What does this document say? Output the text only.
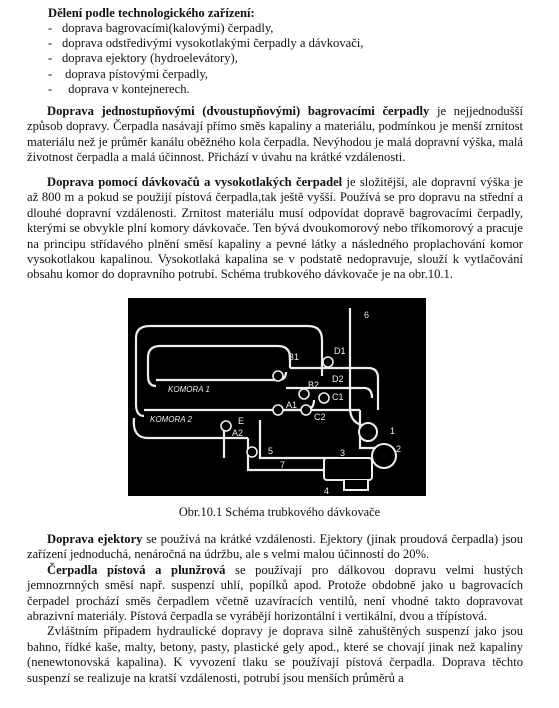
Dělení podle technologického zařízení:
- doprava bagrovacími(kalovými) čerpadly,
- doprava odstředivými vysokotlakými čerpadly a dávkovači,
- doprava ejektory (hydroelevátory),
- doprava pístovými čerpadly,
- doprava v kontejnerech.

Doprava jednostupňovými (dvoustupňovými) bagrovacími čerpadly je nejjednodušší způsob dopravy. Čerpadla nasávají přímo směs kapaliny a materiálu, podmínkou je menší zrnitost materiálu než je průměr kanálu oběžného kola čerpadla. Nevýhodou je malá dopravní výška, malá životnost čerpadla a malá účinnost. Přichází v úvahu na krátké vzdálenosti.

Doprava pomocí dávkovačů a vysokotlakých čerpadel je složitější, ale dopravní výška je až 800 m a pokud se použijí pístová čerpadla,tak ještě vyšší. Používá se pro dopravu na střední a dlouhé dopravní vzdálenosti. Zrnitost materiálu musí odpovídat dopravě bagrovacími čerpadly, kterými se obvykle plní komory dávkovače. Ten bývá dvoukomorový nebo tříkomorový a pracuje na principu střídavého plnění směsí kapaliny a pevné látky a následného proplachování komor vysokotlakou kapalinou. Vysokotlaká kapalina se v podstatě nedopravuje, slouží k vytlačování obsahu komor do dopravního potrubí. Schéma trubkového dávkovače je na obr.10.1.

KOMORA 1
KOMORA 2
6
B1
D1
B2
D2
C1
A1
C2
A2
E
1
2
3
4
5
7
Obr.10.1 Schéma trubkového dávkovače

Doprava ejektory se používá na krátké vzdálenosti. Ejektory (jinak proudová čerpadla) jsou zařízení jednoduchá, nenáročná na údržbu, ale s velmi malou účinností do 20%.

Čerpadla pístová a plunžrová se používají pro dálkovou dopravu velmi hustých jemnozrnných směsí např. suspenzí uhlí, popílků apod. Protože obdobně jako u bagrovacích čerpadel prochází směs čerpadlem včetně uzavíracích ventilů, není vhodné takto dopravovat abrazivní materiály. Pístová čerpadla se vyrábějí horizontální i vertikální, dvou a třípístová.

Zvláštním případem hydraulické dopravy je doprava silně zahuštěných suspenzí jako jsou bahno, řídké kaše, malty, betony, pasty, plastické gely apod., které se chovají jinak než kapaliny (nenewtonovská kapalina). K vyvození tlaku se používají pístová čerpadla. Doprava těchto suspenzí se realizuje na kratší vzdálenosti, potrubí jsou menších průměrů a
